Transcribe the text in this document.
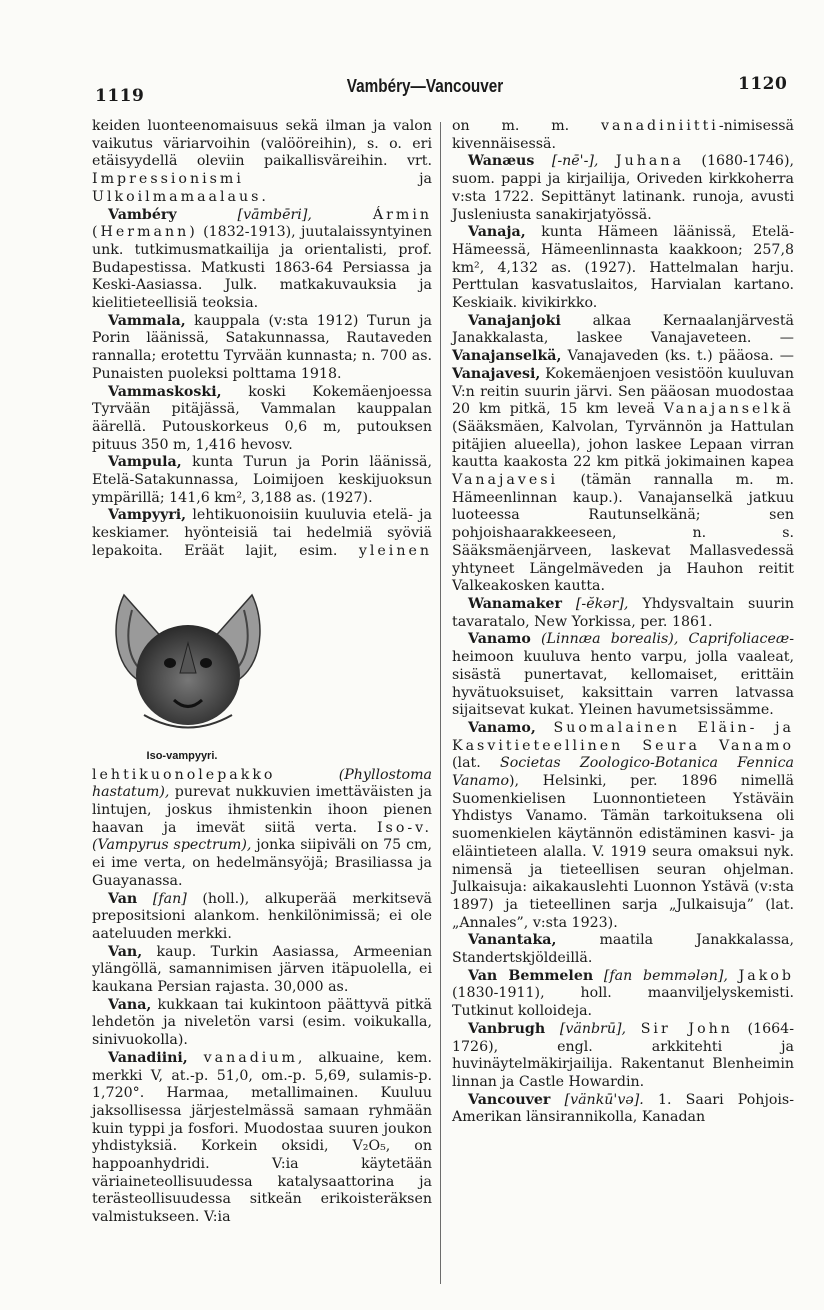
1119	Vambéry—Vancouver	1120

keiden luonteenomaisuus sekä ilman ja valon vaikutus väriarvoihin (valööreihin), s. o. eri etäisyydellä oleviin paikallisväreihin. vrt. Impressionismi ja Ulkoilmamaalaus.

Vambéry [vāmbēri], Ármin (Hermann) (1832-1913), juutalaissyntyinen unk. tutkimusmatkailija ja orientalisti, prof. Budapestissa. Matkusti 1863-64 Persiassa ja Keski-Aasiassa. Julk. matkakuvauksia ja kielitieteellisiä teoksia.

Vammala, kauppala (v:sta 1912) Turun ja Porin läänissä, Satakunnassa, Rautaveden rannalla; erotettu Tyrvään kunnasta; n. 700 as. Punaisten puoleksi polttama 1918.

Vammaskoski, koski Kokemäenjoessa Tyrvään pitäjässä, Vammalan kauppalan äärellä. Putouskorkeus 0,6 m, putouksen pituus 350 m, 1,416 hevosv.

Vampula, kunta Turun ja Porin läänissä, Etelä-Satakunnassa, Loimijoen keskijuoksun ympärillä; 141,6 km², 3,188 as. (1927).

Vampyyri, lehtikuonoisiin kuuluvia etelä- ja keskiamer. hyönteisiä tai hedelmiä syöviä lepakoita. Eräät lajit, esim.
Iso-vampyyri.
yleinen lehtikuonolepakko (Phyllostoma hastatum), purevat nukkuvien imettäväisten ja lintujen, joskus ihmistenkin ihoon pienen haavan ja imevät siitä verta. Iso-v. (Vampyrus spectrum), jonka siipiväli on 75 cm, ei ime verta, on hedelmänsyöjä; Brasiliassa ja Guayanassa.

Van [fan] (holl.), alkuperää merkitsevä prepositsioni alankom. henkilönimissä; ei ole aateluuden merkki.

Van, kaup. Turkin Aasiassa, Armeenian ylängöllä, samannimisen järven itäpuolella, ei kaukana Persian rajasta. 30,000 as.

Vana, kukkaan tai kukintoon päättyvä pitkä lehdetön ja niveletön varsi (esim. voikukalla, sinivuokolla).

Vanadiini, vanadium, alkuaine, kem. merkki V, at.-p. 51,0, om.-p. 5,69, sulamis-p. 1,720°. Harmaa, metallimainen. Kuuluu jaksollisessa järjestelmässä samaan ryhmään kuin typpi ja fosfori. Muodostaa suuren joukon yhdistyksiä. Korkein oksidi, V₂O₅, on happoanhydridi. V:ia käytetään väriaineteollisuudessa katalysaattorina ja terästeollisuudessa sitkeän erikoisteräksen valmistukseen. V:ia

on m. m. vanadiniitti-nimisessä kivennäisessä.

Wanæus [-nē'-], Juhana (1680-1746), suom. pappi ja kirjailija, Oriveden kirkkoherra v:sta 1722. Sepittänyt latinank. runoja, avusti Jusleniusta sanakirjatyössä.

Vanaja, kunta Hämeen läänissä, Etelä-Hämeessä, Hämeenlinnasta kaakkoon; 257,8 km², 4,132 as. (1927). Hattelmalan harju. Perttulan kasvatuslaitos, Harvialan kartano. Keskiaik. kivikirkko.

Vanajanjoki alkaa Kernaalanjärvestä Janakkalasta, laskee Vanajaveteen. — Vanajanselkä, Vanajaveden (ks. t.) pääosa. — Vanajavesi, Kokemäenjoen vesistöön kuuluvan V:n reitin suurin järvi. Sen pääosan muodostaa 20 km pitkä, 15 km leveä Vanajanselkä (Sääksmäen, Kalvolan, Tyrvännön ja Hattulan pitäjien alueella), johon laskee Lepaan virran kautta kaakosta 22 km pitkä jokimainen kapea Vanajavesi (tämän rannalla m. m. Hämeenlinnan kaup.). Vanajanselkä jatkuu luoteessa Rautunselkänä; sen pohjoishaarakkeeseen, n. s. Sääksmäenjärveen, laskevat Mallasvedessä yhtyneet Längelmäveden ja Hauhon reitit Valkeakosken kautta.

Wanamaker [-ĕkər], Yhdysvaltain suurin tavaratalo, New Yorkissa, per. 1861.

Vanamo (Linnæa borealis), Caprifoliaceæ-heimoon kuuluva hento varpu, jolla vaaleat, sisästä punertavat, kellomaiset, erittäin hyvätuoksuiset, kaksittain varren latvassa sijaitsevat kukat. Yleinen havumetsissämme.

Vanamo, Suomalainen Eläin- ja Kasvitieteellinen Seura Vanamo (lat. Societas Zoologico-Botanica Fennica Vanamo), Helsinki, per. 1896 nimellä Suomenkielisen Luonnontieteen Ystäväin Yhdistys Vanamo. Tämän tarkoituksena oli suomenkielen käytännön edistäminen kasvi- ja eläintieteen alalla. V. 1919 seura omaksui nyk. nimensä ja tieteellisen seuran ohjelman. Julkaisuja: aikakauslehti Luonnon Ystävä (v:sta 1897) ja tieteellinen sarja „Julkaisuja” (lat. „Annales”, v:sta 1923).

Vanantaka, maatila Janakkalassa, Standertskjöldeillä.

Van Bemmelen [fan bemmələn], Jakob (1830-1911), holl. maanviljelyskemisti. Tutkinut kolloideja.

Vanbrugh [vänbrū], Sir John (1664-1726), engl. arkkitehti ja huvinäytelmäkirjailija. Rakentanut Blenheimin linnan ja Castle Howardin.

Vancouver [vänkū'və]. 1. Saari Pohjois-Amerikan länsirannikolla, Kanadan
